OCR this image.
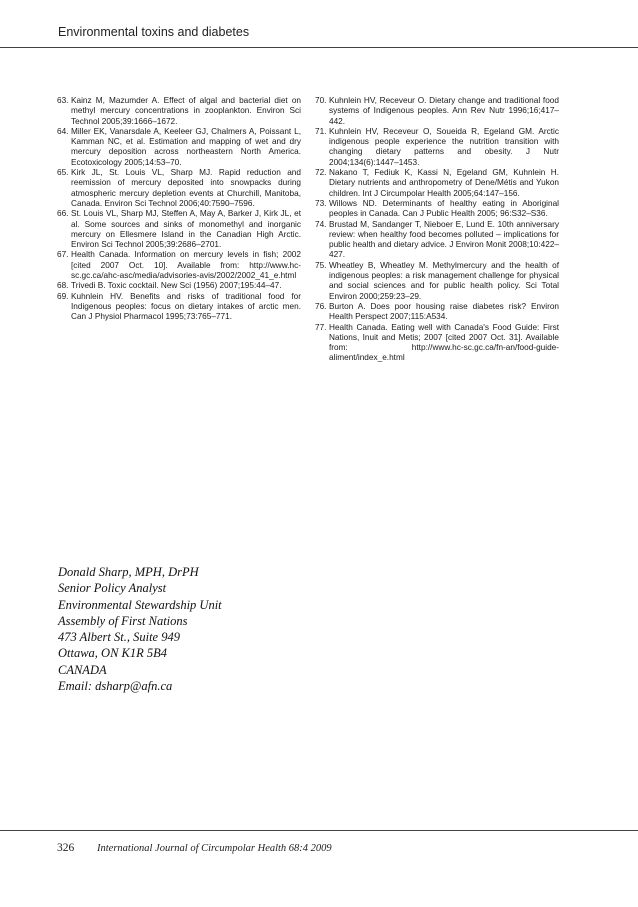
Environmental toxins and diabetes

63. Kainz M, Mazumder A. Effect of algal and bacterial diet on methyl mercury concentrations in zooplankton. Environ Sci Technol 2005;39:1666–1672.

64. Miller EK, Vanarsdale A, Keeleer GJ, Chalmers A, Poissant L, Kamman NC, et al. Estimation and mapping of wet and dry mercury deposition across northeastern North America. Ecotoxicology 2005;14:53–70.

65. Kirk JL, St. Louis VL, Sharp MJ. Rapid reduction and reemission of mercury deposited into snowpacks during atmospheric mercury depletion events at Churchill, Manitoba, Canada. Environ Sci Technol 2006;40:7590–7596.

66. St. Louis VL, Sharp MJ, Steffen A, May A, Barker J, Kirk JL, et al. Some sources and sinks of monomethyl and inorganic mercury on Ellesmere Island in the Canadian High Arctic. Environ Sci Technol 2005;39:2686–2701.

67. Health Canada. Information on mercury levels in fish; 2002 [cited 2007 Oct. 10]. Available from: http://www.hc-sc.gc.ca/ahc-asc/media/advisories-avis/2002/2002_41_e.html

68. Trivedi B. Toxic cocktail. New Sci (1956) 2007;195:44–47.

69. Kuhnlein HV. Benefits and risks of traditional food for Indigenous peoples: focus on dietary intakes of arctic men. Can J Physiol Pharmacol 1995;73:765–771.

70. Kuhnlein HV, Receveur O. Dietary change and traditional food systems of Indigenous peoples. Ann Rev Nutr 1996;16;417–442.

71. Kuhnlein HV, Receveur O, Soueida R, Egeland GM. Arctic indigenous people experience the nutrition transition with changing dietary patterns and obesity. J Nutr 2004;134(6):1447–1453.

72. Nakano T, Fediuk K, Kassi N, Egeland GM, Kuhnlein H. Dietary nutrients and anthropometry of Dene/Métis and Yukon children. Int J Circumpolar Health 2005;64:147–156.

73. Willows ND. Determinants of healthy eating in Aboriginal peoples in Canada. Can J Public Health 2005; 96:S32–S36.

74. Brustad M, Sandanger T, Nieboer E, Lund E. 10th anniversary review: when healthy food becomes polluted – implications for public health and dietary advice. J Environ Monit 2008;10:422–427.

75. Wheatley B, Wheatley M. Methylmercury and the health of indigenous peoples: a risk management challenge for physical and social sciences and for public health policy. Sci Total Environ 2000;259:23–29.

76. Burton A. Does poor housing raise diabetes risk? Environ Health Perspect 2007;115:A534.

77. Health Canada. Eating well with Canada's Food Guide: First Nations, Inuit and Metis; 2007 [cited 2007 Oct. 31]. Available from: http://www.hc-sc.gc.ca/fn-an/food-guide-aliment/index_e.html

Donald Sharp, MPH, DrPH
Senior Policy Analyst
Environmental Stewardship Unit
Assembly of First Nations
473 Albert St., Suite 949
Ottawa, ON K1R 5B4
CANADA
Email: dsharp@afn.ca
326 International Journal of Circumpolar Health 68:4 2009
